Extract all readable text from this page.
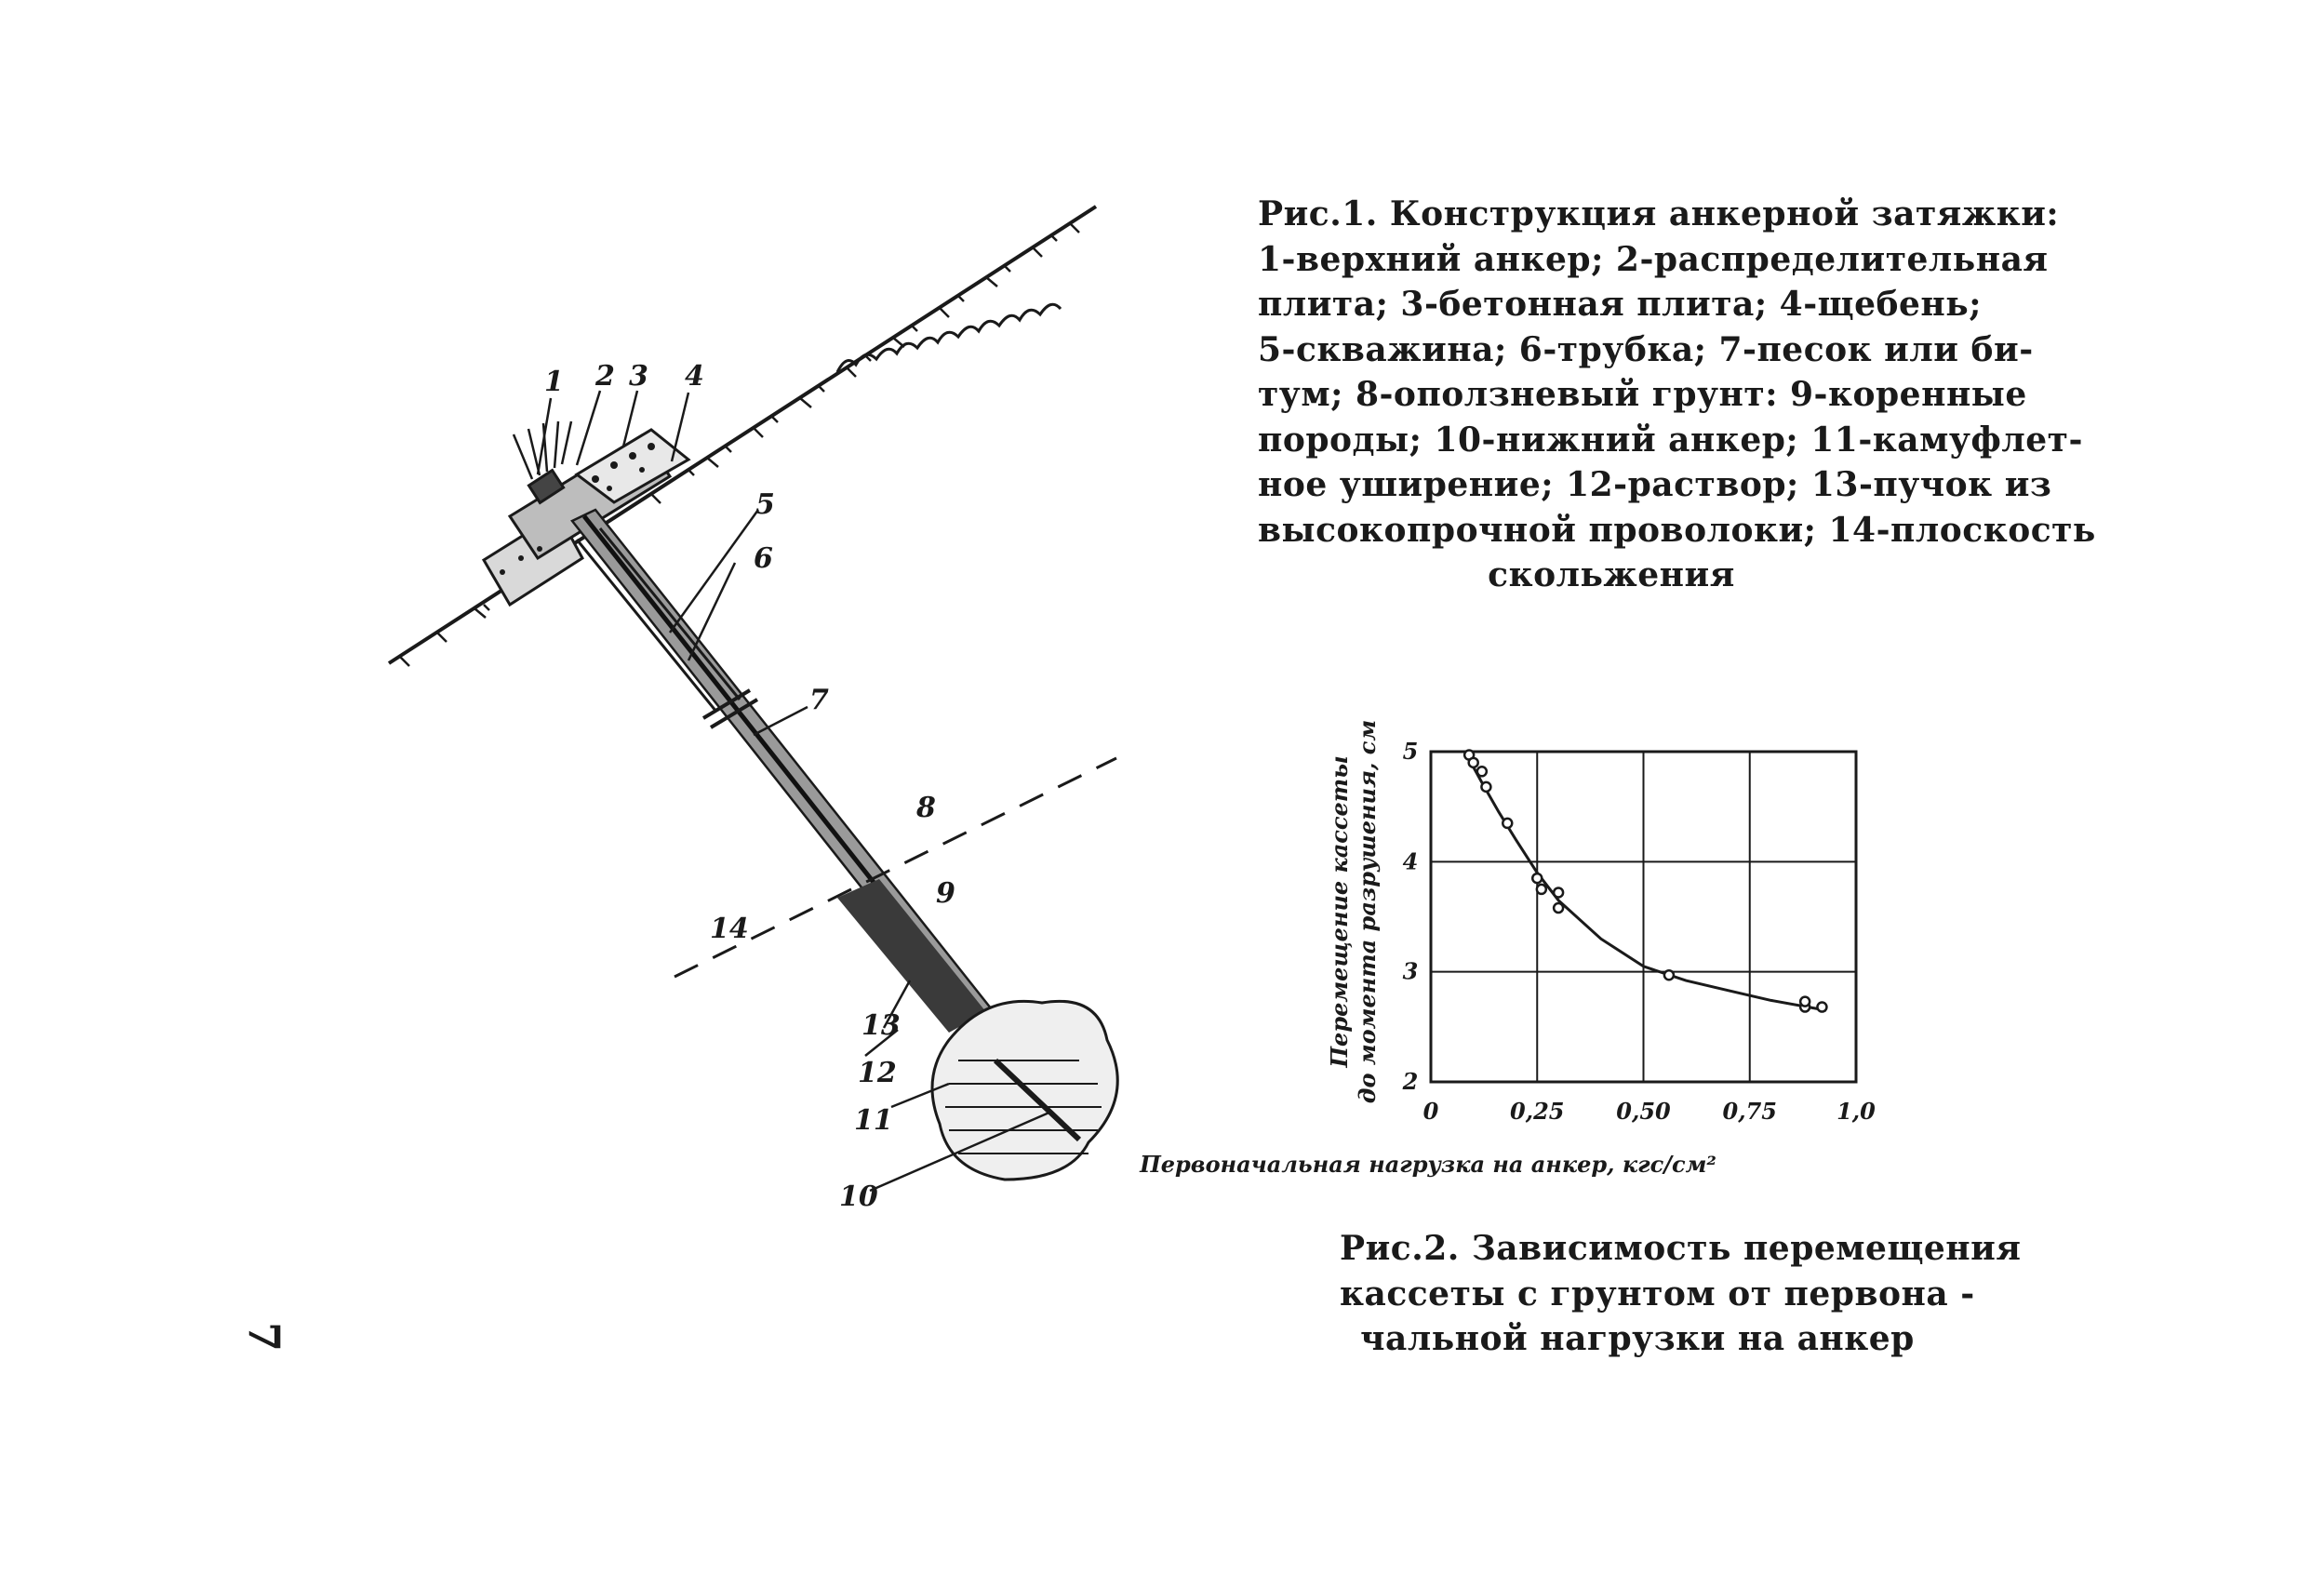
1 2 3 4
5
6
7
8
9
10
11
12
13
14
Рис.1. Конструкция анкерной затяжки:
1-верхний анкер; 2-распределительная
плита; 3-бетонная плита; 4-щебень;
5-скважина; 6-трубка; 7-песок или би-
тум; 8-оползневый грунт: 9-коренные
породы; 10-нижний анкер; 11-камуфлет-
ное уширение; 12-раствор; 13-пучок из
высокопрочной проволоки; 14-плоскость
скольжения
0	0,25 0,50 0,75	1,0
2
3
4
5
Первоначальная нагрузка на анкер, кгс/см²
Перемещение кассеты до момента разрушения, см
Рис.2. Зависимость перемещения
кассеты с грунтом от первона -
чальной нагрузки на анкер
7
